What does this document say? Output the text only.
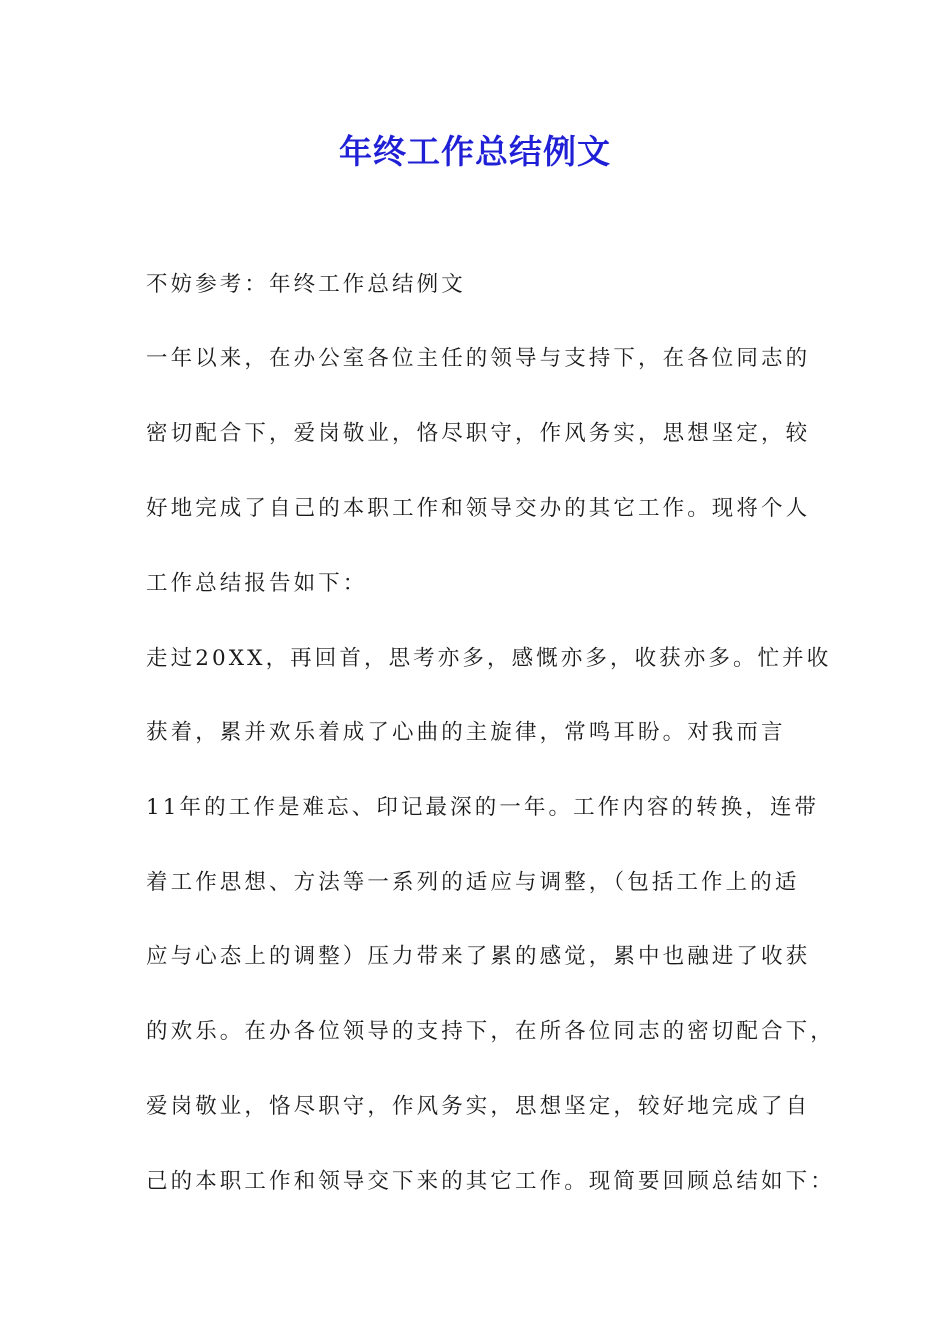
年终工作总结例文
不妨参考：年终工作总结例文
一年以来，在办公室各位主任的领导与支持下，在各位同志的
密切配合下，爱岗敬业，恪尽职守，作风务实，思想坚定，较
好地完成了自己的本职工作和领导交办的其它工作。现将个人
工作总结报告如下：
走过20XX，再回首，思考亦多，感慨亦多，收获亦多。忙并收
获着，累并欢乐着成了心曲的主旋律，常鸣耳盼。对我而言
11年的工作是难忘、印记最深的一年。工作内容的转换，连带
着工作思想、方法等一系列的适应与调整，（包括工作上的适
应与心态上的调整）压力带来了累的感觉，累中也融进了收获
的欢乐。在办各位领导的支持下，在所各位同志的密切配合下，
爱岗敬业，恪尽职守，作风务实，思想坚定，较好地完成了自
己的本职工作和领导交下来的其它工作。现简要回顾总结如下：
